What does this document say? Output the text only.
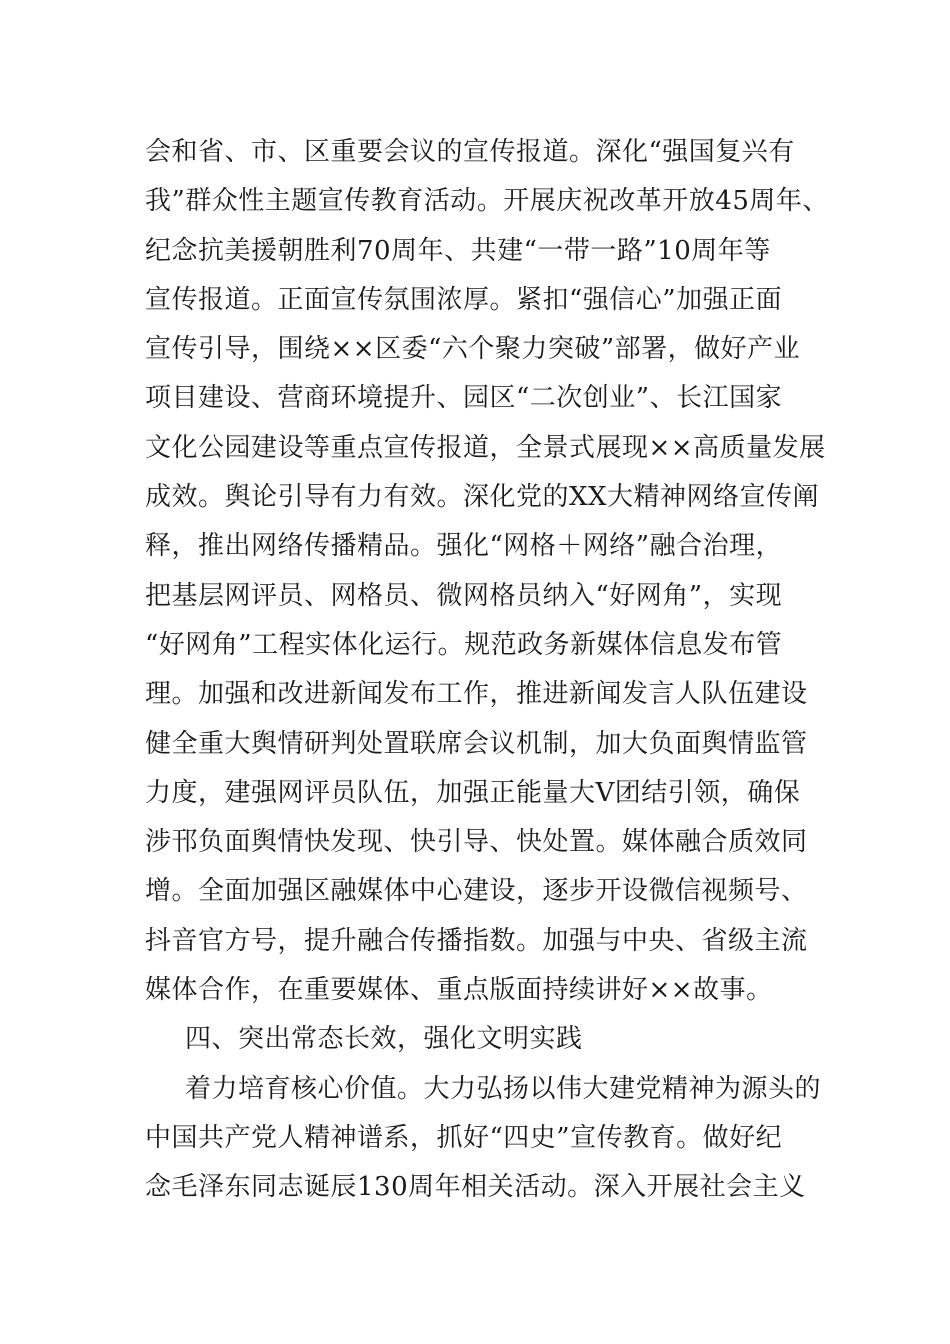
会和省、市、区重要会议的宣传报道。深化“强国复兴有
我”群众性主题宣传教育活动。开展庆祝改革开放45周年、
纪念抗美援朝胜利70周年、共建“一带一路”10周年等
宣传报道。正面宣传氛围浓厚。紧扣“强信心”加强正面
宣传引导，围绕××区委“六个聚力突破”部署，做好产业
项目建设、营商环境提升、园区“二次创业”、长江国家
文化公园建设等重点宣传报道，全景式展现××高质量发展
成效。舆论引导有力有效。深化党的XX大精神网络宣传阐
释，推出网络传播精品。强化“网格＋网络”融合治理，
把基层网评员、网格员、微网格员纳入“好网角”，实现
“好网角”工程实体化运行。规范政务新媒体信息发布管
理。加强和改进新闻发布工作，推进新闻发言人队伍建设
健全重大舆情研判处置联席会议机制，加大负面舆情监管
力度，建强网评员队伍，加强正能量大V团结引领，确保
涉邗负面舆情快发现、快引导、快处置。媒体融合质效同
增。全面加强区融媒体中心建设，逐步开设微信视频号、
抖音官方号，提升融合传播指数。加强与中央、省级主流
媒体合作，在重要媒体、重点版面持续讲好××故事。
四、突出常态长效，强化文明实践
着力培育核心价值。大力弘扬以伟大建党精神为源头的
中国共产党人精神谱系，抓好“四史”宣传教育。做好纪
念毛泽东同志诞辰130周年相关活动。深入开展社会主义
